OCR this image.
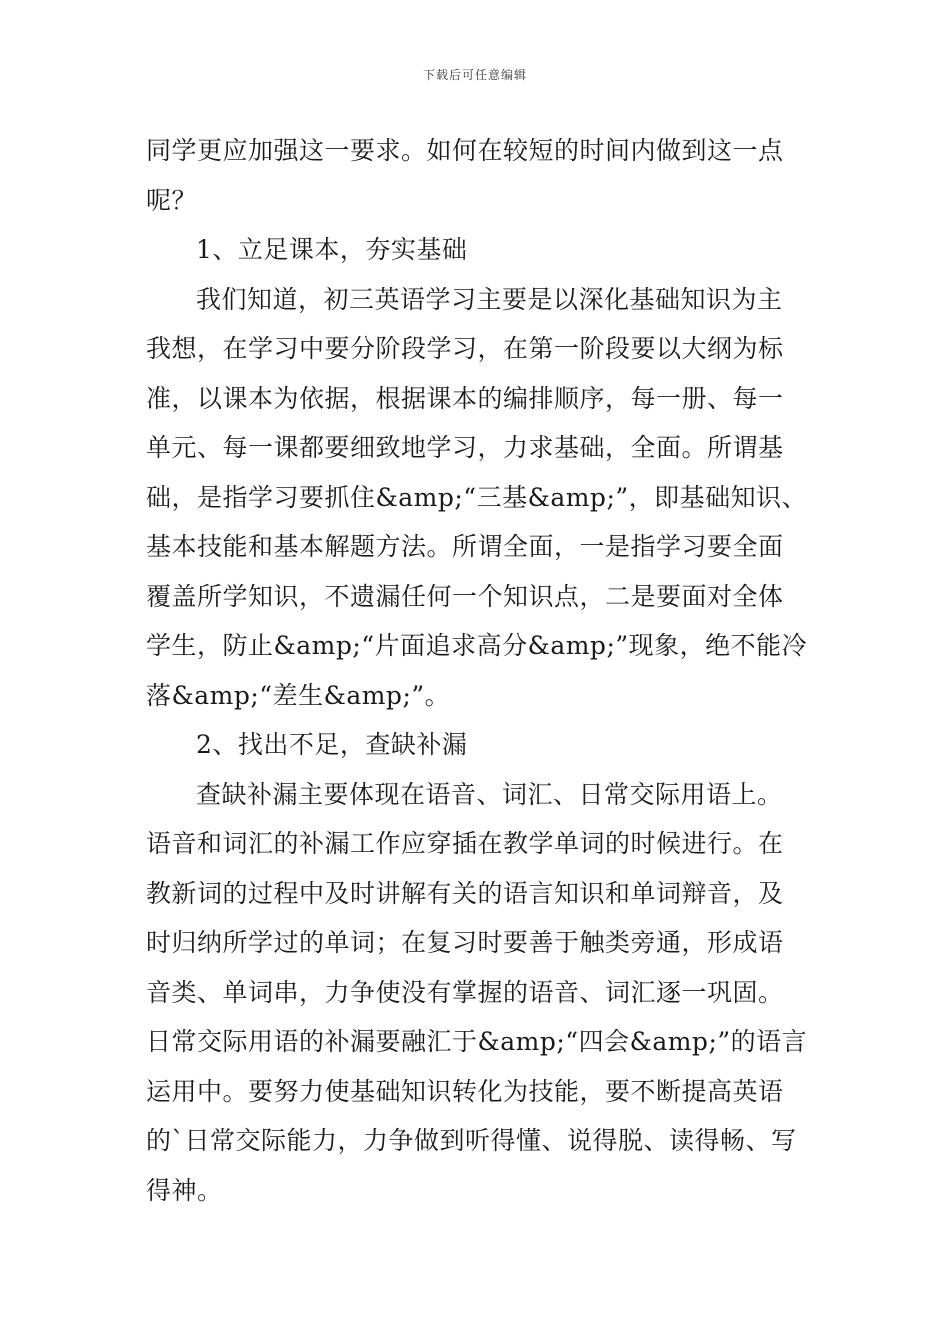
下载后可任意编辑
同学更应加强这一要求。如何在较短的时间内做到这一点
呢？
1、立足课本，夯实基础
我们知道，初三英语学习主要是以深化基础知识为主
我想，在学习中要分阶段学习，在第一阶段要以大纲为标
准，以课本为依据，根据课本的编排顺序，每一册、每一
单元、每一课都要细致地学习，力求基础，全面。所谓基
础，是指学习要抓住&amp;“三基&amp;”，即基础知识、
基本技能和基本解题方法。所谓全面，一是指学习要全面
覆盖所学知识，不遗漏任何一个知识点，二是要面对全体
学生，防止&amp;“片面追求高分&amp;”现象，绝不能冷
落&amp;“差生&amp;”。
2、找出不足，查缺补漏
查缺补漏主要体现在语音、词汇、日常交际用语上。
语音和词汇的补漏工作应穿插在教学单词的时候进行。在
教新词的过程中及时讲解有关的语言知识和单词辩音，及
时归纳所学过的单词；在复习时要善于触类旁通，形成语
音类、单词串，力争使没有掌握的语音、词汇逐一巩固。
日常交际用语的补漏要融汇于&amp;“四会&amp;”的语言
运用中。要努力使基础知识转化为技能，要不断提高英语
的`日常交际能力，力争做到听得懂、说得脱、读得畅、写
得神。
